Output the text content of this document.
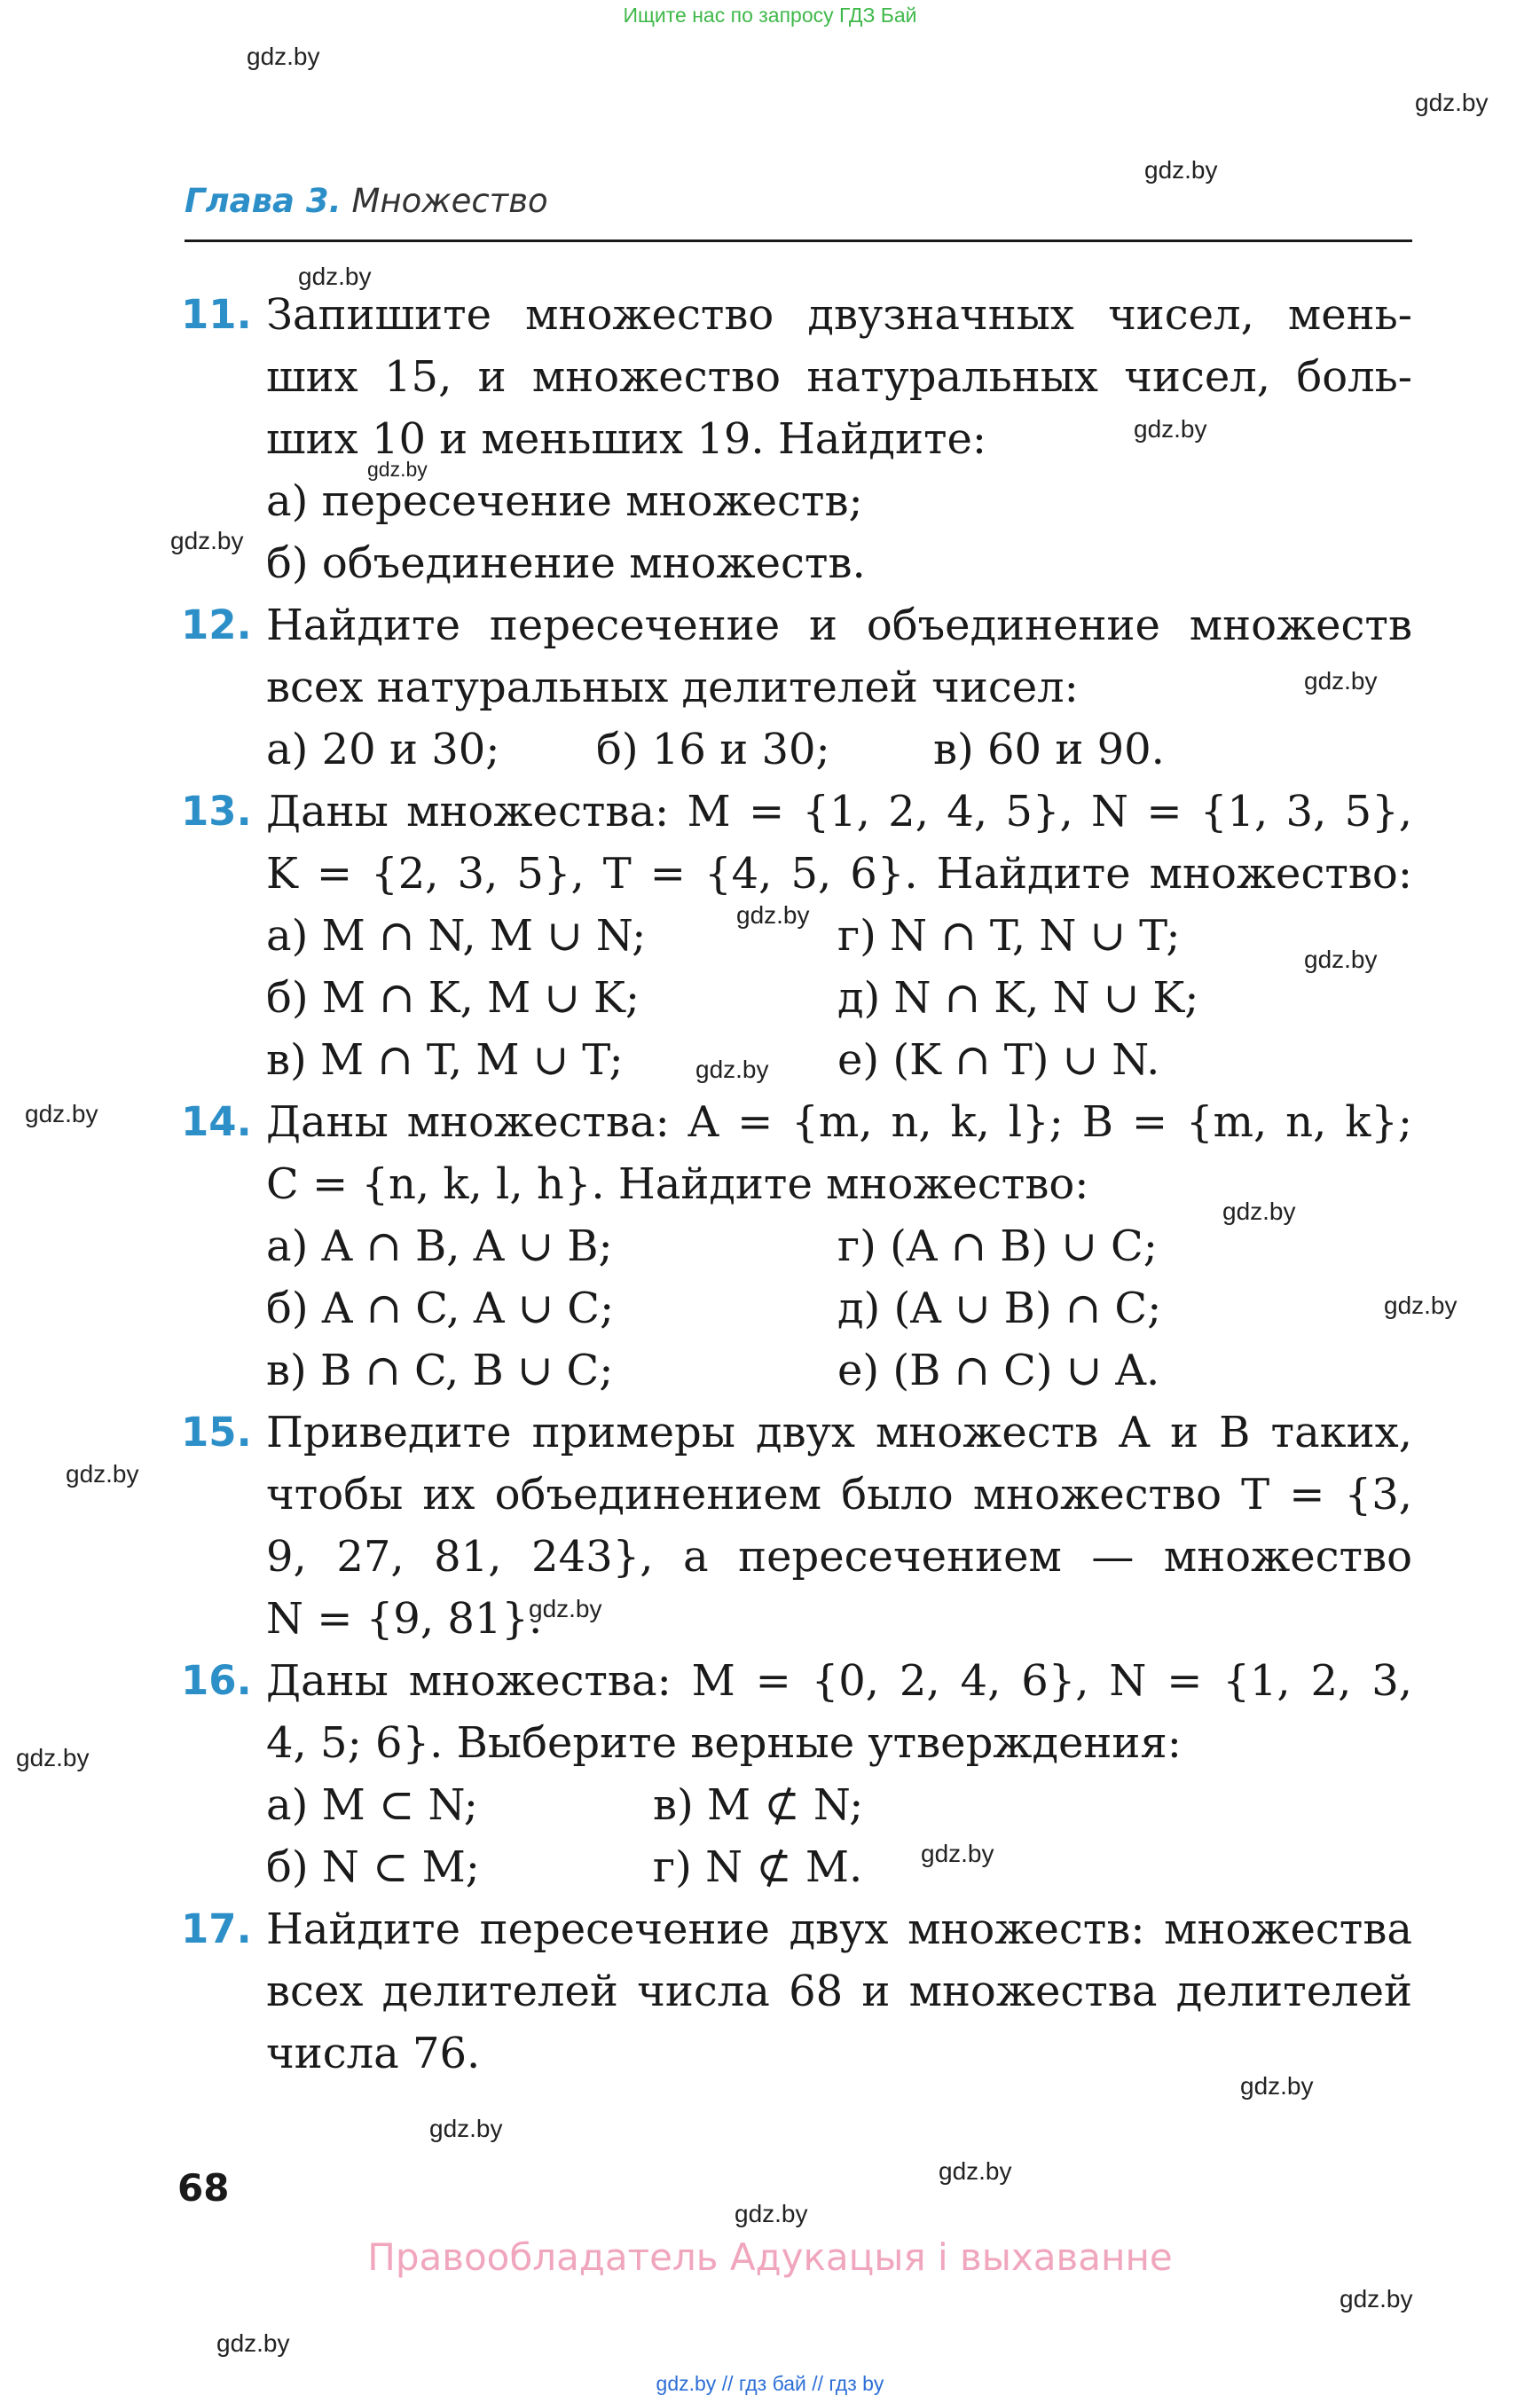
Ищите нас по запросу ГДЗ Бай
gdz.by
gdz.by
gdz.by
gdz.by
gdz.by
gdz.by
gdz.by
gdz.by
gdz.by
gdz.by
gdz.by
gdz.by
gdz.by
gdz.by
gdz.by
gdz.by
gdz.by
gdz.by
gdz.by
gdz.by
gdz.by
gdz.by
gdz.by
gdz.by
Глава 3. Множество
11. Запишите множество двузначных чисел, мень-
ших 15, и множество натуральных чисел, боль-
ших 10 и меньших 19. Найдите:
а) пересечение множеств;
б) объединение множеств.
12. Найдите пересечение и объединение множеств
всех натуральных делителей чисел:
а) 20 и 30; б) 16 и 30; в) 60 и 90.
13. Даны множества: M = {1, 2, 4, 5}, N = {1, 3, 5},
K = {2, 3, 5}, T = {4, 5, 6}. Найдите множество:
а) M ∩ N, M ∪ N;
б) M ∩ K, M ∪ K;
в) M ∩ T, M ∪ T;
г) N ∩ T, N ∪ T;
д) N ∩ K, N ∪ K;
е) (K ∩ T) ∪ N.
14. Даны множества: A = {m, n, k, l}; B = {m, n, k};
C = {n, k, l, h}. Найдите множество:
а) A ∩ B, A ∪ B;
б) A ∩ C, A ∪ C;
в) B ∩ C, B ∪ C;
г) (A ∩ B) ∪ C;
д) (A ∪ B) ∩ C;
е) (B ∩ C) ∪ A.
15. Приведите примеры двух множеств A и B таких,
чтобы их объединением было множество T = {3,
9, 27, 81, 243}, а пересечением — множество
N = {9, 81}.
16. Даны множества: M = {0, 2, 4, 6}, N = {1, 2, 3,
4, 5; 6}. Выберите верные утверждения:
а) M ⊂ N;
б) N ⊂ M;
в) M ⊄ N;
г) N ⊄ M.
17. Найдите пересечение двух множеств: множества
всех делителей числа 68 и множества делителей
числа 76.
68
Правообладатель Адукацыя і выхаванне
gdz.by // гдз бай // гдз by
